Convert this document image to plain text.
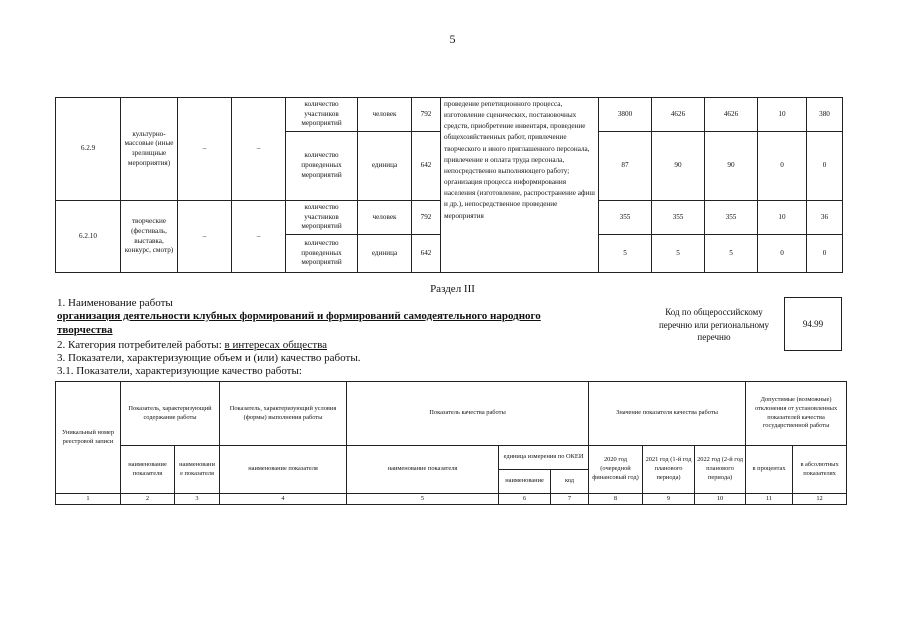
5
6.2.9	культурно-массовые (иные зрелищные мероприятия)	–	–	количество участников мероприятий	человек	792	проведение репетиционного процесса, изготовление сценических, постановочных средств, приобретение инвентаря, проведение общехозяйственных работ, привлечение творческого и иного приглашенного персонала, привлечение и оплата труда персонала, непосредственно выполняющего работу; организация процесса информирования населения (изготовление, распространение афиш и др.), непосредственное проведение мероприятия	3800	4626	4626	10	380
				количество проведенных мероприятий	единица	642		87	90	90	0	0
6.2.10	творческие (фестиваль, выставка, конкурс, смотр)	–	–	количество участников мероприятий	человек	792		355	355	355	10	36
				количество проведенных мероприятий	единица	642		5	5	5	0	0
Раздел III
1. Наименование работы
организация деятельности клубных формирований и формирований самодеятельного народного
творчества
2. Категория потребителей работы: в интересах общества
3. Показатели, характеризующие объем и (или) качество работы.
3.1. Показатели, характеризующие качество работы:
Код по общероссийскому перечню или региональному перечню
94.99
Уникальный номер реестровой записи	Показатель, характеризующий содержание работы		Показатель, характеризующий условия (формы) выполнения работы	Показатель качества работы			Значение показателя качества работы			Допустимые (возможные) отклонения от установленных показателей качества государственной работы	
	наименование показателя	наименовани е показателя	наименование показателя	наименование показателя	единица измерения по ОКЕИ		2020 год (очередной финансовый год)	2021 год (1-й год планового периода)	2022 год (2-й год планового периода)	в процентах	в абсолютных показателях
					наименование	код					
1	2	3	4	5	6	7	8	9	10	11	12
